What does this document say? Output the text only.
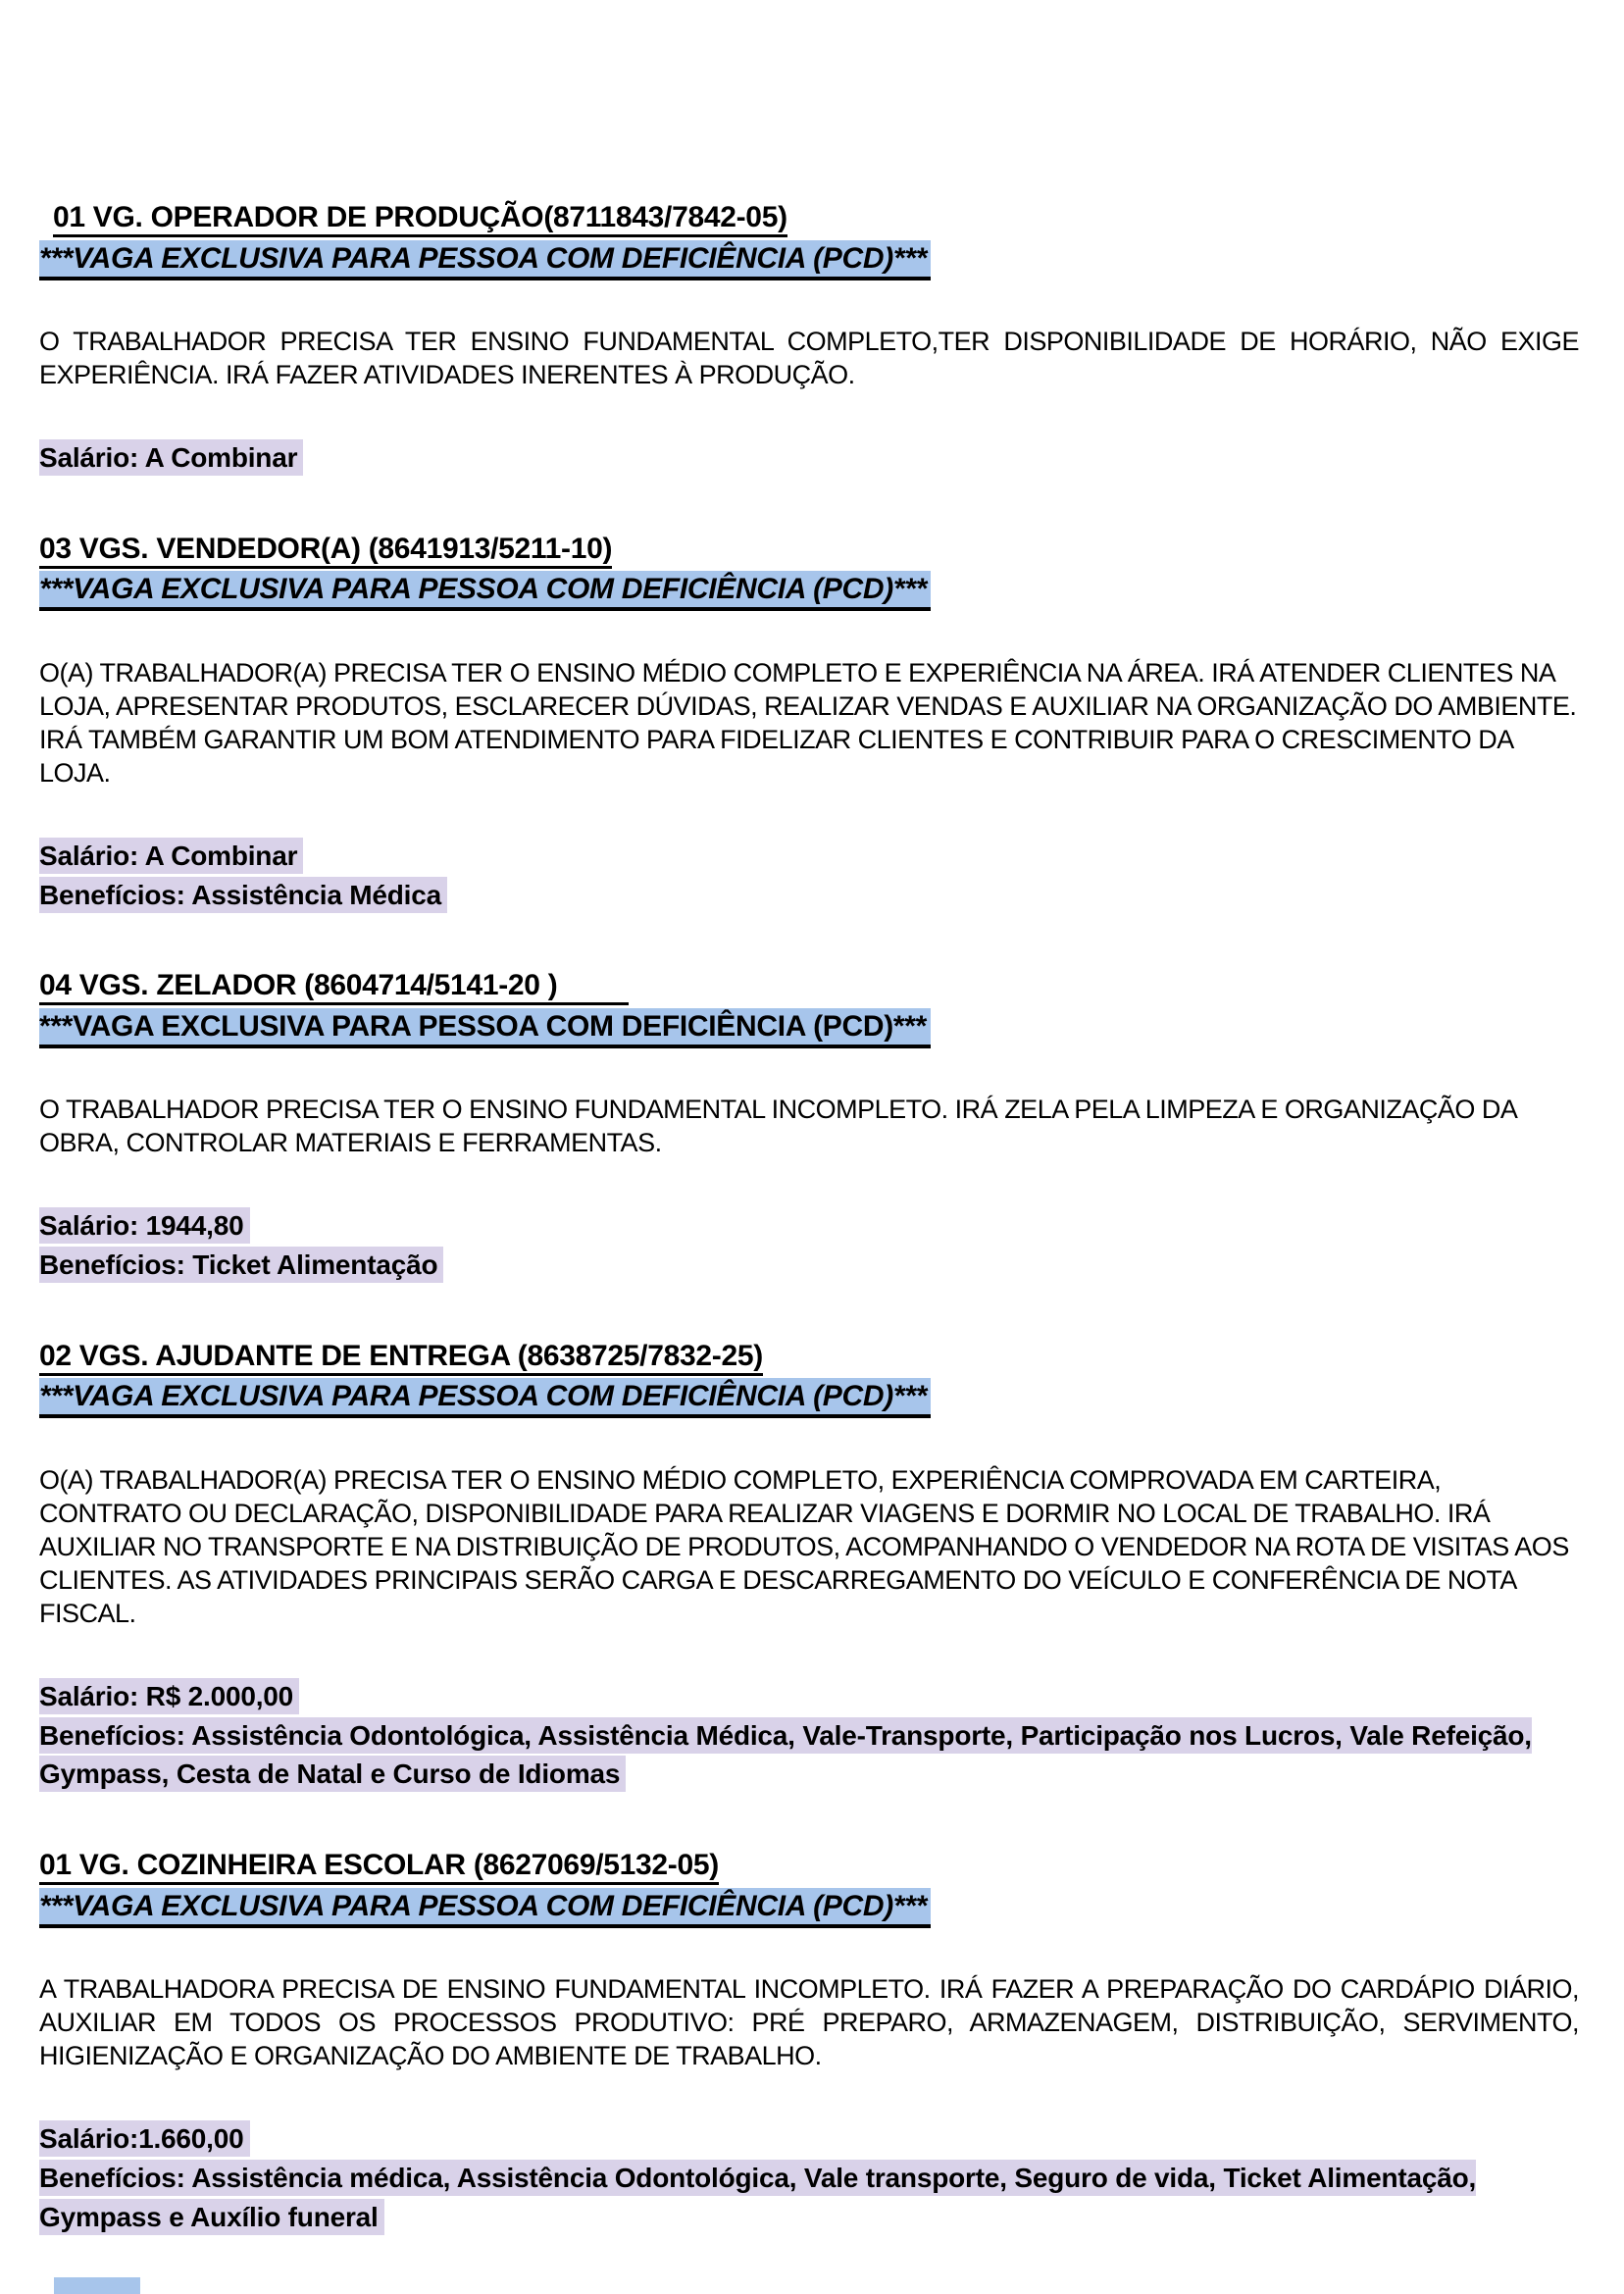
01 VG. OPERADOR DE PRODUÇÃO(8711843/7842-05)

***VAGA EXCLUSIVA PARA PESSOA COM DEFICIÊNCIA (PCD)***

O TRABALHADOR PRECISA TER ENSINO FUNDAMENTAL COMPLETO,TER DISPONIBILIDADE DE HORÁRIO, NÃO EXIGE EXPERIÊNCIA. IRÁ FAZER ATIVIDADES INERENTES À PRODUÇÃO.

Salário: A Combinar

03 VGS. VENDEDOR(A) (8641913/5211-10)

***VAGA EXCLUSIVA PARA PESSOA COM DEFICIÊNCIA (PCD)***

O(A) TRABALHADOR(A) PRECISA TER O ENSINO MÉDIO COMPLETO E EXPERIÊNCIA NA ÁREA. IRÁ ATENDER CLIENTES NA LOJA, APRESENTAR PRODUTOS, ESCLARECER DÚVIDAS, REALIZAR VENDAS E AUXILIAR NA ORGANIZAÇÃO DO AMBIENTE. IRÁ TAMBÉM GARANTIR UM BOM ATENDIMENTO PARA FIDELIZAR CLIENTES E CONTRIBUIR PARA O CRESCIMENTO DA LOJA.

Salário: A Combinar
Benefícios: Assistência Médica

04 VGS. ZELADOR (8604714/5141-20 )

***VAGA EXCLUSIVA PARA PESSOA COM DEFICIÊNCIA (PCD)***

O TRABALHADOR PRECISA TER O ENSINO FUNDAMENTAL INCOMPLETO. IRÁ ZELA PELA LIMPEZA E ORGANIZAÇÃO DA OBRA, CONTROLAR MATERIAIS E FERRAMENTAS.

Salário: 1944,80
Benefícios: Ticket Alimentação

02 VGS. AJUDANTE DE ENTREGA (8638725/7832-25)

***VAGA EXCLUSIVA PARA PESSOA COM DEFICIÊNCIA (PCD)***

O(A) TRABALHADOR(A) PRECISA TER O ENSINO MÉDIO COMPLETO, EXPERIÊNCIA COMPROVADA EM CARTEIRA, CONTRATO OU DECLARAÇÃO, DISPONIBILIDADE PARA REALIZAR VIAGENS E DORMIR NO LOCAL DE TRABALHO. IRÁ AUXILIAR NO TRANSPORTE E NA DISTRIBUIÇÃO DE PRODUTOS, ACOMPANHANDO O VENDEDOR NA ROTA DE VISITAS AOS CLIENTES. AS ATIVIDADES PRINCIPAIS SERÃO CARGA E DESCARREGAMENTO DO VEÍCULO E CONFERÊNCIA DE NOTA FISCAL.

Salário: R$ 2.000,00
Benefícios: Assistência Odontológica, Assistência Médica, Vale-Transporte, Participação nos Lucros, Vale Refeição, Gympass, Cesta de Natal e Curso de Idiomas

01 VG. COZINHEIRA ESCOLAR (8627069/5132-05)

***VAGA EXCLUSIVA PARA PESSOA COM DEFICIÊNCIA (PCD)***

A TRABALHADORA PRECISA DE ENSINO FUNDAMENTAL INCOMPLETO. IRÁ FAZER A PREPARAÇÃO DO CARDÁPIO DIÁRIO, AUXILIAR EM TODOS OS PROCESSOS PRODUTIVO: PRÉ PREPARO, ARMAZENAGEM, DISTRIBUIÇÃO, SERVIMENTO, HIGIENIZAÇÃO E ORGANIZAÇÃO DO AMBIENTE DE TRABALHO.

Salário:1.660,00
Benefícios: Assistência médica, Assistência Odontológica, Vale transporte, Seguro de vida, Ticket Alimentação, Gympass e Auxílio funeral
